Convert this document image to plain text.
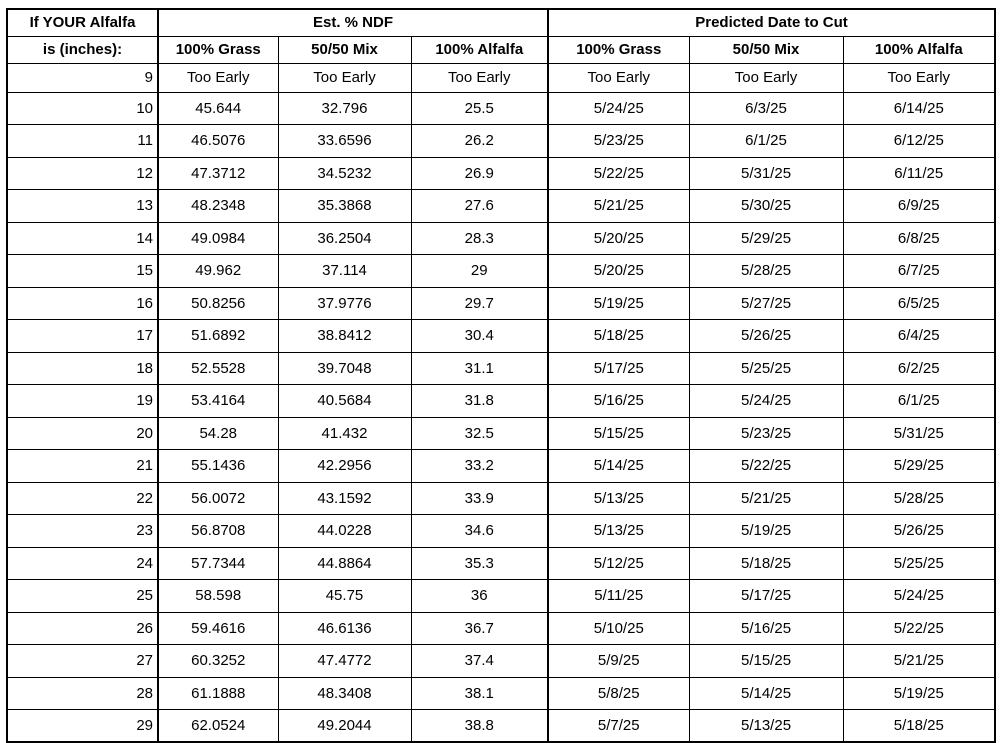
If YOUR Alfalfa	Est. % NDF			Predicted Date to Cut		
is (inches):	100% Grass	50/50 Mix	100% Alfalfa	100% Grass	50/50 Mix	100% Alfalfa
9	Too Early	Too Early	Too Early	Too Early	Too Early	Too Early
10	45.644	32.796	25.5	5/24/25	6/3/25	6/14/25
11	46.5076	33.6596	26.2	5/23/25	6/1/25	6/12/25
12	47.3712	34.5232	26.9	5/22/25	5/31/25	6/11/25
13	48.2348	35.3868	27.6	5/21/25	5/30/25	6/9/25
14	49.0984	36.2504	28.3	5/20/25	5/29/25	6/8/25
15	49.962	37.114	29	5/20/25	5/28/25	6/7/25
16	50.8256	37.9776	29.7	5/19/25	5/27/25	6/5/25
17	51.6892	38.8412	30.4	5/18/25	5/26/25	6/4/25
18	52.5528	39.7048	31.1	5/17/25	5/25/25	6/2/25
19	53.4164	40.5684	31.8	5/16/25	5/24/25	6/1/25
20	54.28	41.432	32.5	5/15/25	5/23/25	5/31/25
21	55.1436	42.2956	33.2	5/14/25	5/22/25	5/29/25
22	56.0072	43.1592	33.9	5/13/25	5/21/25	5/28/25
23	56.8708	44.0228	34.6	5/13/25	5/19/25	5/26/25
24	57.7344	44.8864	35.3	5/12/25	5/18/25	5/25/25
25	58.598	45.75	36	5/11/25	5/17/25	5/24/25
26	59.4616	46.6136	36.7	5/10/25	5/16/25	5/22/25
27	60.3252	47.4772	37.4	5/9/25	5/15/25	5/21/25
28	61.1888	48.3408	38.1	5/8/25	5/14/25	5/19/25
29	62.0524	49.2044	38.8	5/7/25	5/13/25	5/18/25
